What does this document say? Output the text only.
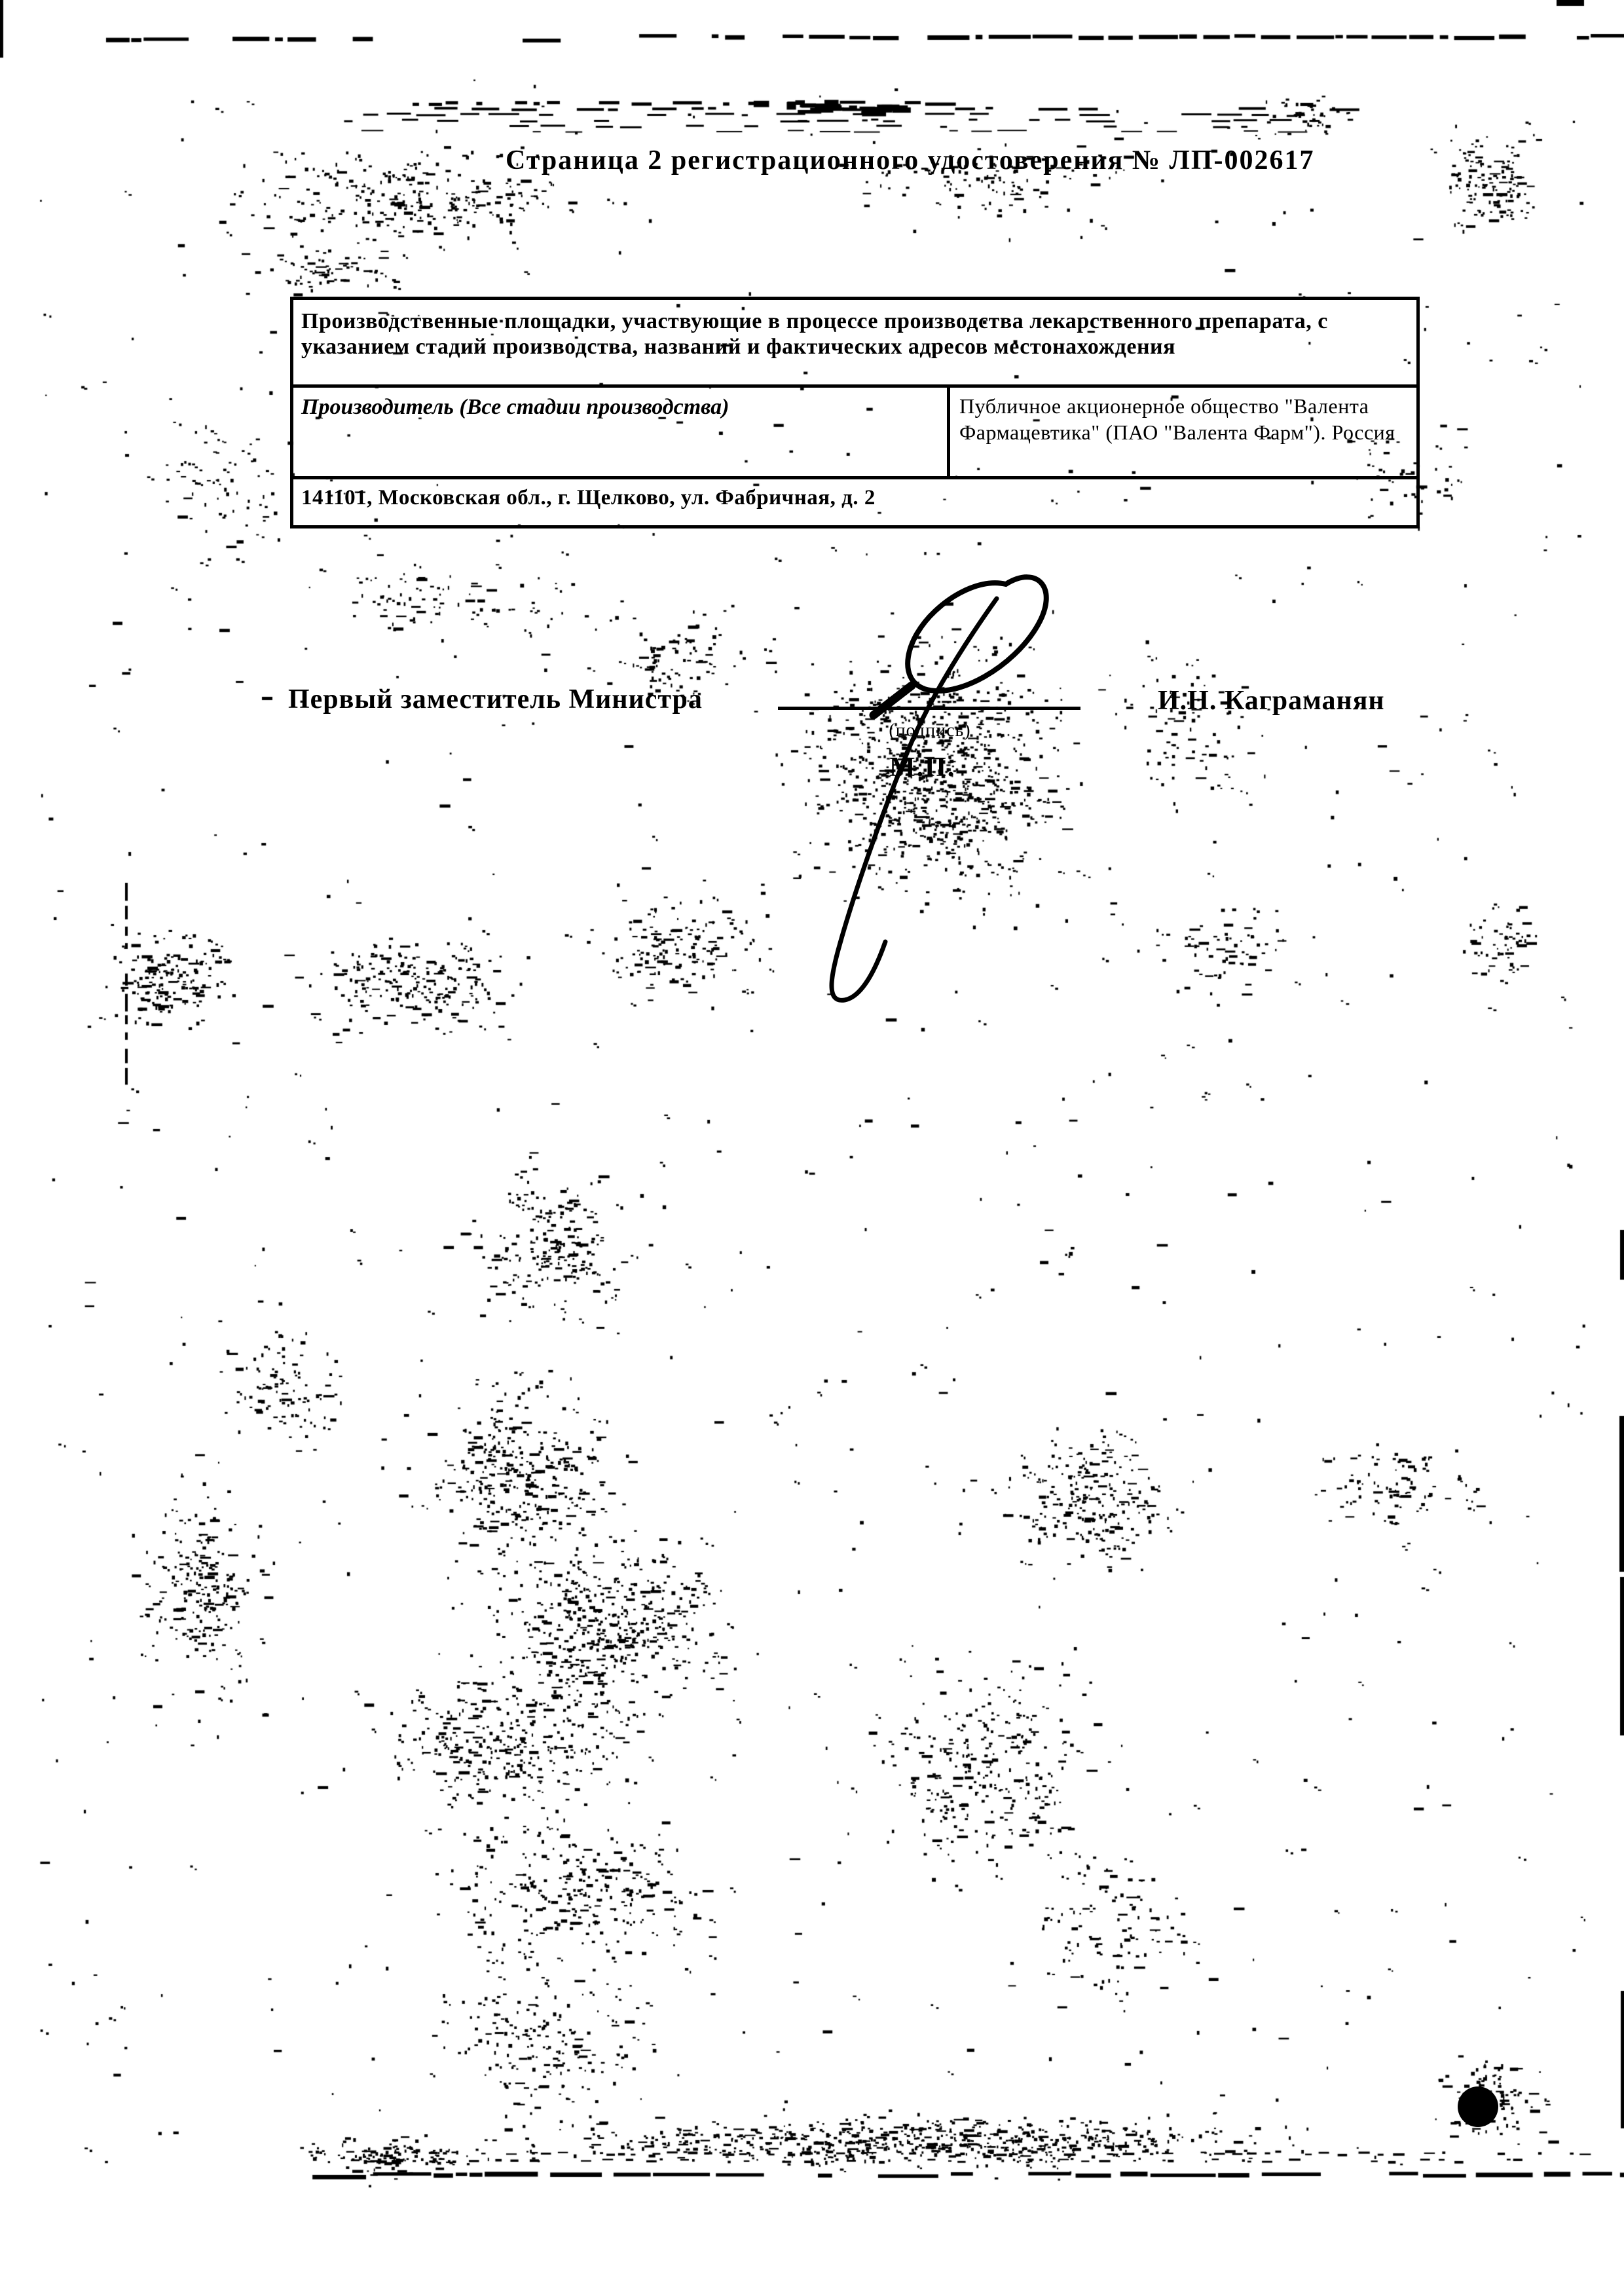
Страница 2 регистрационного удостоверения № ЛП-002617
Производственные площадки, участвующие в процессе производства лекарственного препарата, с указанием стадий производства, названий и фактических адресов местонахождения
Производитель (Все стадии производства)	Публичное акционерное общество "Валента Фармацевтика" (ПАО "Валента Фарм"). Россия
141101, Московская обл., г. Щелково, ул. Фабричная, д. 2
Первый заместитель Министра
(подпись)
М.П.
И.Н. Каграманян
